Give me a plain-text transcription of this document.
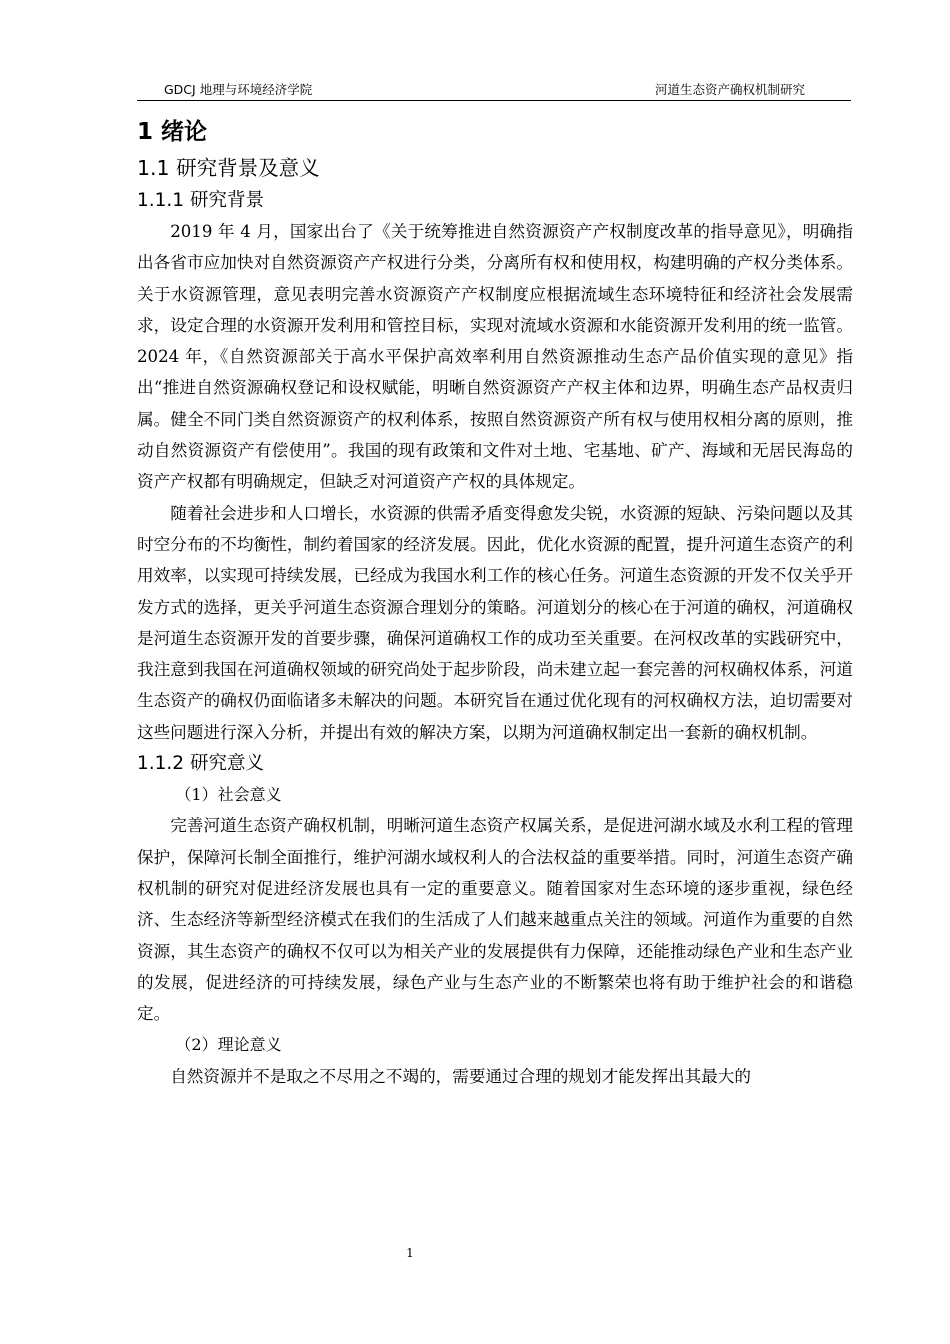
GDCJ 地理与环境经济学院	河道生态资产确权机制研究
1 绪论
1.1 研究背景及意义
1.1.1 研究背景

2019 年 4 月，国家出台了《关于统筹推进自然资源资产产权制度改革的指导意见》，明确指出各省市应加快对自然资源资产产权进行分类，分离所有权和使用权，构建明确的产权分类体系。关于水资源管理，意见表明完善水资源资产产权制度应根据流域生态环境特征和经济社会发展需求，设定合理的水资源开发利用和管控目标，实现对流域水资源和水能资源开发利用的统一监管。2024 年，《自然资源部关于高水平保护高效率利用自然资源推动生态产品价值实现的意见》指出“推进自然资源确权登记和设权赋能，明晰自然资源资产产权主体和边界，明确生态产品权责归属。健全不同门类自然资源资产的权利体系，按照自然资源资产所有权与使用权相分离的原则，推动自然资源资产有偿使用”。我国的现有政策和文件对土地、宅基地、矿产、海域和无居民海岛的资产产权都有明确规定，但缺乏对河道资产产权的具体规定。

随着社会进步和人口增长，水资源的供需矛盾变得愈发尖锐，水资源的短缺、污染问题以及其时空分布的不均衡性，制约着国家的经济发展。因此，优化水资源的配置，提升河道生态资产的利用效率，以实现可持续发展，已经成为我国水利工作的核心任务。河道生态资源的开发不仅关乎开发方式的选择，更关乎河道生态资源合理划分的策略。河道划分的核心在于河道的确权，河道确权是河道生态资源开发的首要步骤，确保河道确权工作的成功至关重要。在河权改革的实践研究中，我注意到我国在河道确权领域的研究尚处于起步阶段，尚未建立起一套完善的河权确权体系，河道生态资产的确权仍面临诸多未解决的问题。本研究旨在通过优化现有的河权确权方法，迫切需要对这些问题进行深入分析，并提出有效的解决方案，以期为河道确权制定出一套新的确权机制。

1.1.2 研究意义

（1）社会意义

完善河道生态资产确权机制，明晰河道生态资产权属关系，是促进河湖水域及水利工程的管理保护，保障河长制全面推行，维护河湖水域权利人的合法权益的重要举措。同时，河道生态资产确权机制的研究对促进经济发展也具有一定的重要意义。随着国家对生态环境的逐步重视，绿色经济、生态经济等新型经济模式在我们的生活成了人们越来越重点关注的领域。河道作为重要的自然资源，其生态资产的确权不仅可以为相关产业的发展提供有力保障，还能推动绿色产业和生态产业的发展，促进经济的可持续发展，绿色产业与生态产业的不断繁荣也将有助于维护社会的和谐稳定。

（2）理论意义

自然资源并不是取之不尽用之不竭的，需要通过合理的规划才能发挥出其最大的

1
